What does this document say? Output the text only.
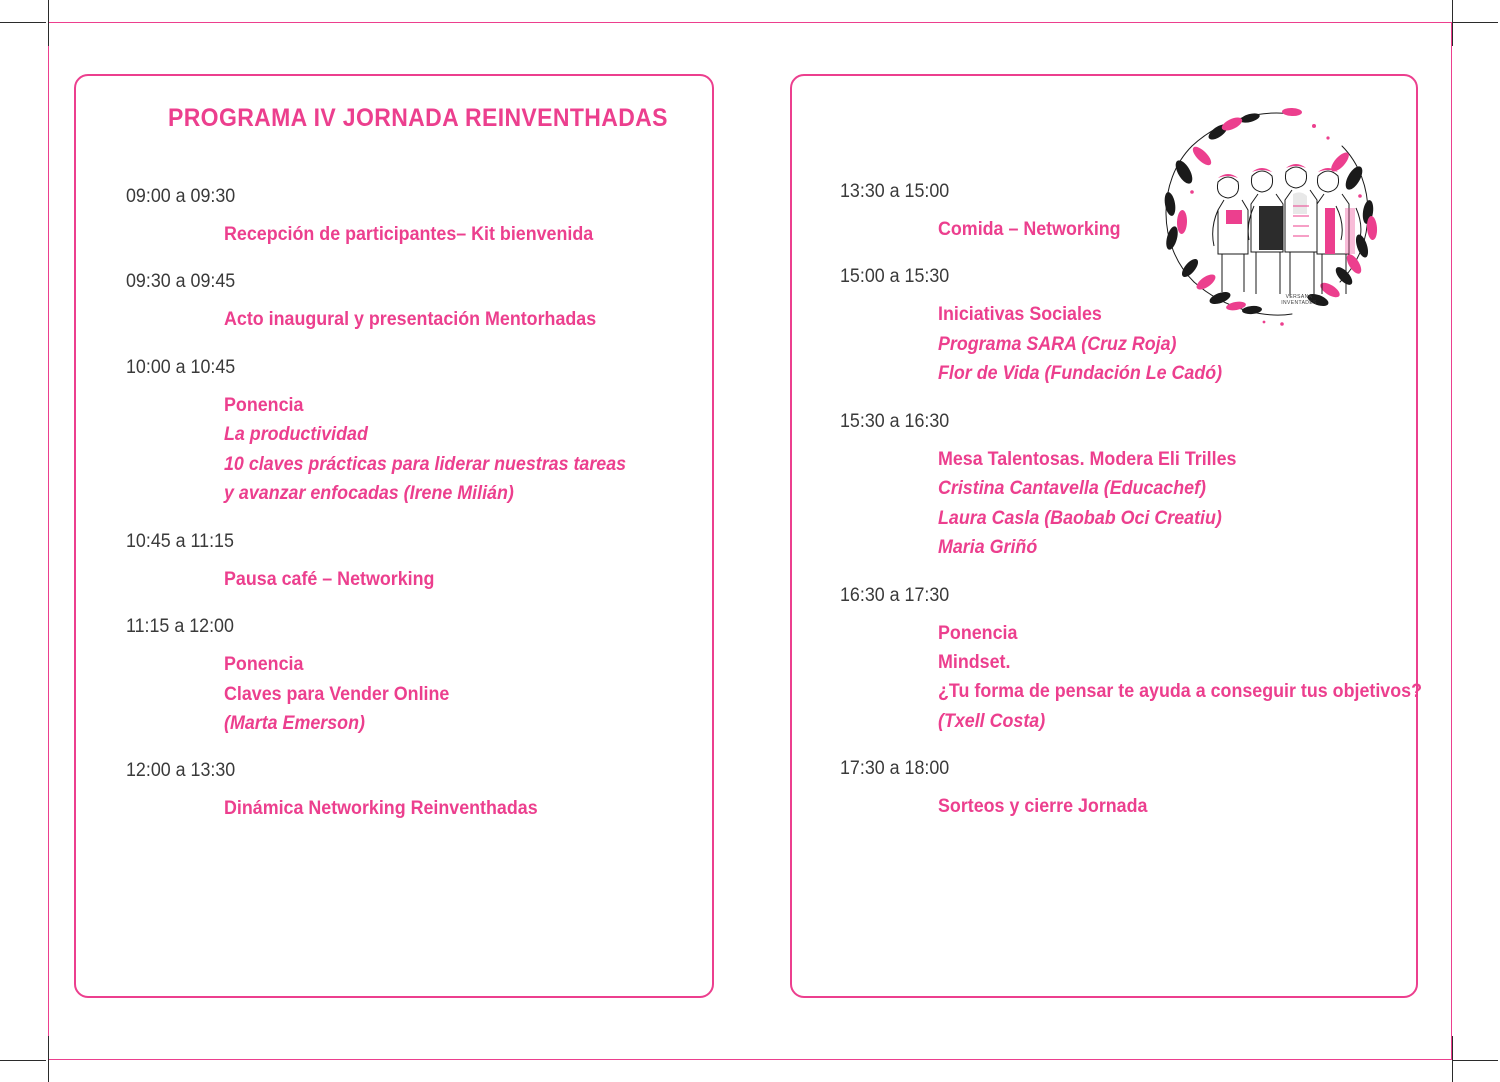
PROGRAMA IV JORNADA REINVENTHADAS
09:00 a 09:30
Recepción de participantes– Kit bienvenida
09:30 a 09:45
Acto inaugural y presentación Mentorhadas
10:00 a 10:45
Ponencia
La productividad
10 claves prácticas para liderar nuestras tareas
y avanzar enfocadas (Irene Milián)
10:45 a 11:15
Pausa café – Networking
11:15 a 12:00
Ponencia
Claves para Vender Online
(Marta Emerson)
12:00 a 13:30
Dinámica Networking Reinventhadas
VERSANA
INVENTADES
13:30 a 15:00
Comida – Networking
15:00 a 15:30
Iniciativas Sociales
Programa SARA (Cruz Roja)
Flor de Vida (Fundación Le Cadó)
15:30 a 16:30
Mesa Talentosas. Modera Eli Trilles
Cristina Cantavella (Educachef)
Laura Casla (Baobab Oci Creatiu)
Maria Griñó
16:30 a 17:30
Ponencia
Mindset.
¿Tu forma de pensar te ayuda a conseguir tus objetivos?
(Txell Costa)
17:30 a 18:00
Sorteos y cierre Jornada
